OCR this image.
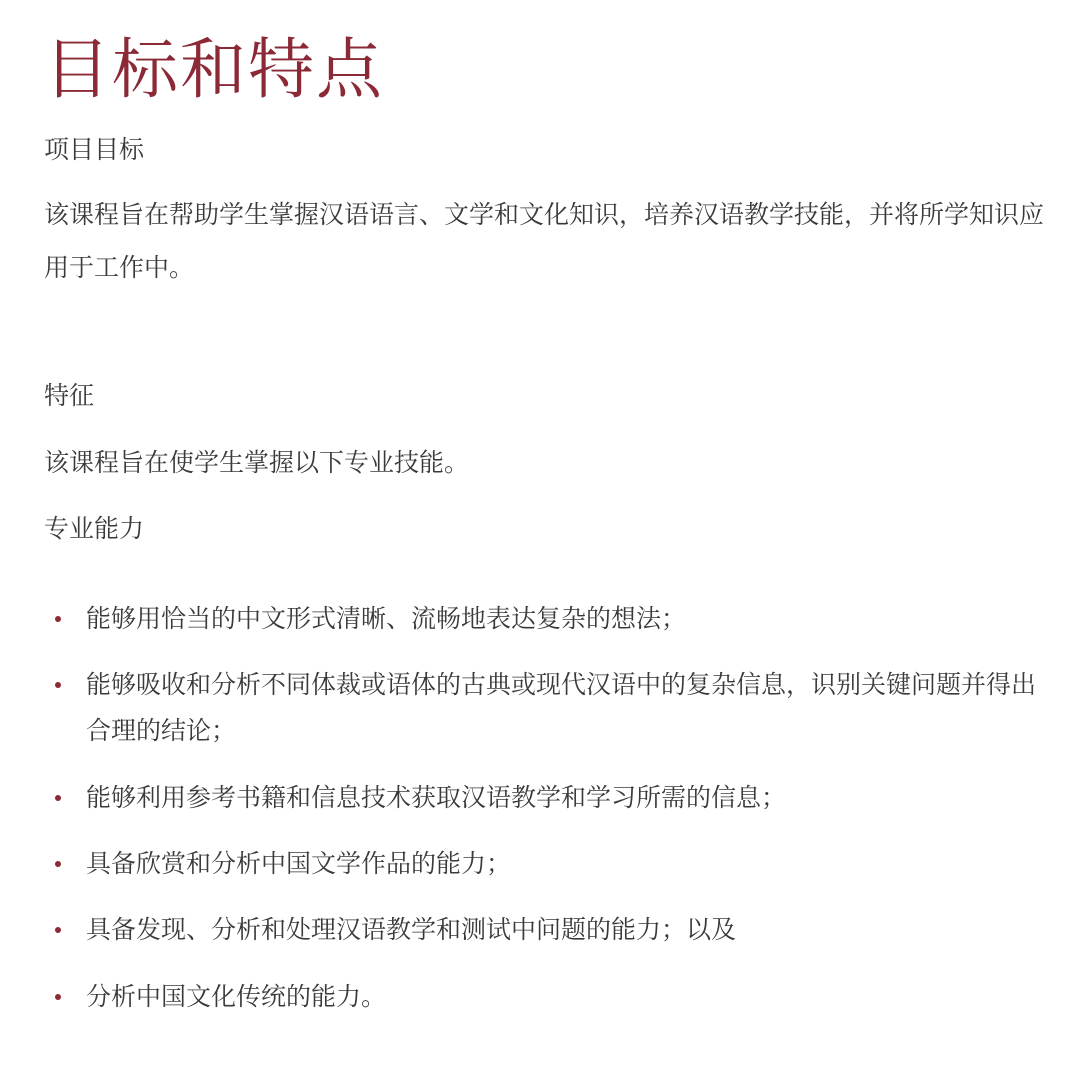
目标和特点

项目目标

该课程旨在帮助学生掌握汉语语言、文学和文化知识，培养汉语教学技能，并将所学知识应用于工作中。

特征

该课程旨在使学生掌握以下专业技能。

专业能力

能够用恰当的中文形式清晰、流畅地表达复杂的想法；
能够吸收和分析不同体裁或语体的古典或现代汉语中的复杂信息，识别关键问题并得出合理的结论；
能够利用参考书籍和信息技术获取汉语教学和学习所需的信息；
具备欣赏和分析中国文学作品的能力；
具备发现、分析和处理汉语教学和测试中问题的能力；以及
分析中国文化传统的能力。
